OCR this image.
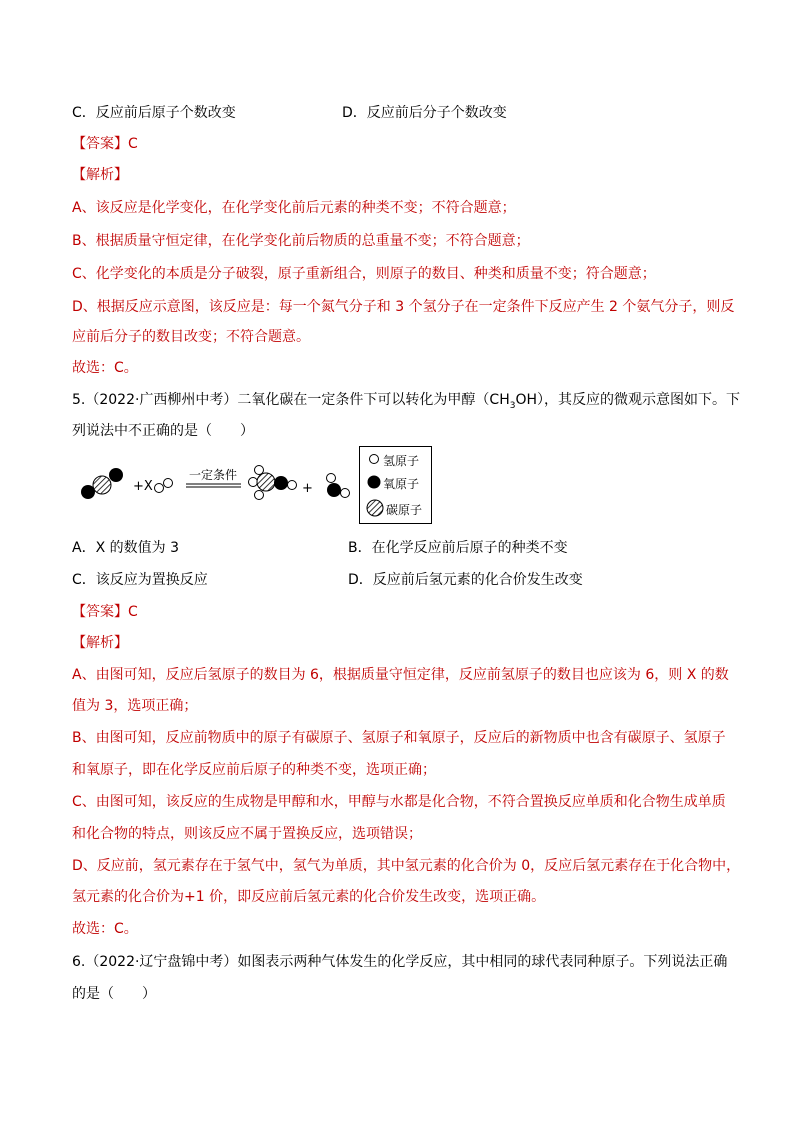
C．反应前后原子个数改变	D．反应前后分子个数改变
【答案】C
【解析】
A、该反应是化学变化，在化学变化前后元素的种类不变；不符合题意；
B、根据质量守恒定律，在化学变化前后物质的总重量不变；不符合题意；
C、化学变化的本质是分子破裂，原子重新组合，则原子的数目、种类和质量不变；符合题意；
D、根据反应示意图，该反应是：每一个氮气分子和 3 个氢分子在一定条件下反应产生 2 个氨气分子，则反
应前后分子的数目改变；不符合题意。
故选：C。
5.（2022·广西柳州中考）二氧化碳在一定条件下可以转化为甲醇$(CH_3OH)$，其反应的微观示意图如下。下
列说法中不正确的是（　　）
+X
一定条件
+
氢原子
氧原子
碳原子
A．X 的数值为 3	B．在化学反应前后原子的种类不变
C．该反应为置换反应	D．反应前后氢元素的化合价发生改变
【答案】C
【解析】
A、由图可知，反应后氢原子的数目为 6，根据质量守恒定律，反应前氢原子的数目也应该为 6，则 X 的数
值为 3，选项正确；
B、由图可知，反应前物质中的原子有碳原子、氢原子和氧原子，反应后的新物质中也含有碳原子、氢原子
和氧原子，即在化学反应前后原子的种类不变，选项正确；
C、由图可知，该反应的生成物是甲醇和水，甲醇与水都是化合物，不符合置换反应单质和化合物生成单质
和化合物的特点，则该反应不属于置换反应，选项错误；
D、反应前，氢元素存在于氢气中，氢气为单质，其中氢元素的化合价为 0，反应后氢元素存在于化合物中，
氢元素的化合价为+1 价，即反应前后氢元素的化合价发生改变，选项正确。
故选：C。
6.（2022·辽宁盘锦中考）如图表示两种气体发生的化学反应，其中相同的球代表同种原子。下列说法正确
的是（　　）
